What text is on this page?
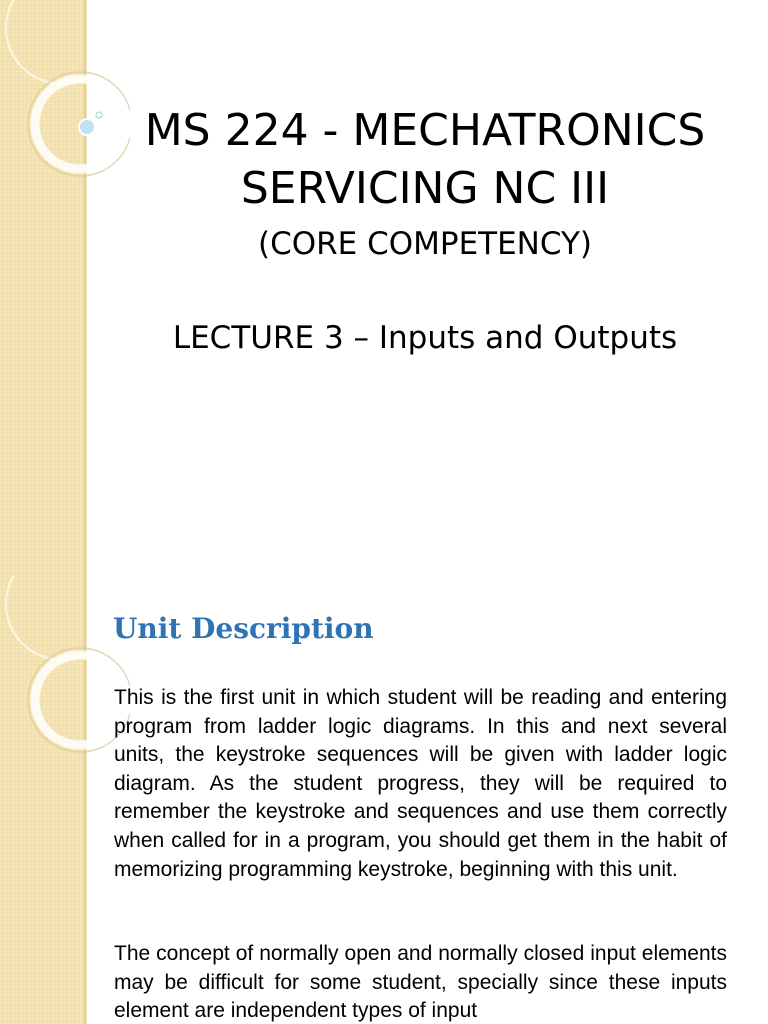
MS 224 - MECHATRONICS
SERVICING NC III
(CORE COMPETENCY)
LECTURE 3 – Inputs and Outputs
Unit Description
This is the first unit in which student will be reading and entering program from ladder logic diagrams. In this and next several units, the keystroke sequences will be given with ladder logic diagram. As the student progress, they will be required to remember the keystroke and sequences and use them correctly when called for in a program, you should get them in the habit of memorizing programming keystroke, beginning with this unit.
The concept of normally open and normally closed input elements may be difficult for some student, specially since these inputs element are independent types of input
